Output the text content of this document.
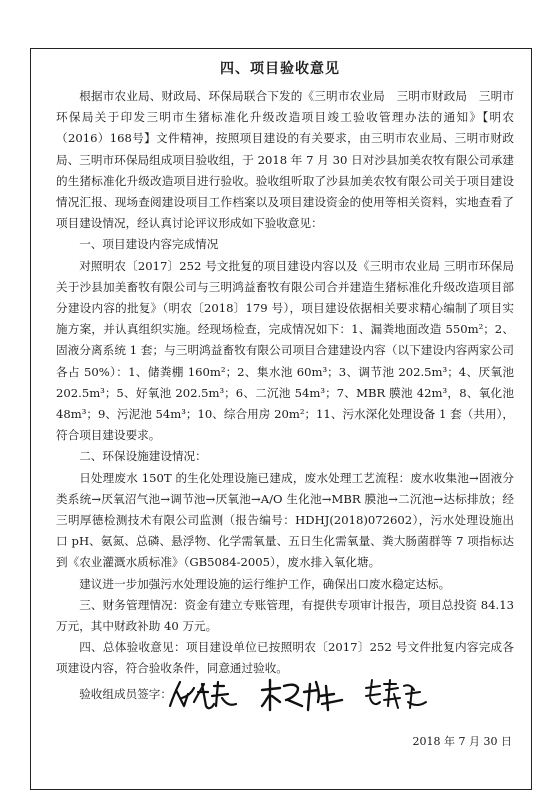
四、项目验收意见

根据市农业局、财政局、环保局联合下发的《三明市农业局　三明市财政局　三明市环保局关于印发三明市生猪标准化升级改造项目竣工验收管理办法的通知》【明农（2016）168号】文件精神，按照项目建设的有关要求，由三明市农业局、三明市财政局、三明市环保局组成项目验收组，于 2018 年 7 月 30 日对沙县加美农牧有限公司承建的生猪标准化升级改造项目进行验收。验收组听取了沙县加美农牧有限公司关于项目建设情况汇报、现场查阅建设项目工作档案以及项目建设资金的使用等相关资料，实地查看了项目建设情况，经认真讨论评议形成如下验收意见：

一、项目建设内容完成情况

对照明农〔2017〕252 号文批复的项目建设内容以及《三明市农业局 三明市环保局关于沙县加美畜牧有限公司与三明鸿益畜牧有限公司合并建造生猪标准化升级改造项目部分建设内容的批复》（明农〔2018〕179 号），项目建设依据相关要求精心编制了项目实施方案，并认真组织实施。经现场检查，完成情况如下：1、漏粪地面改造 550m²；2、固液分离系统 1 套；与三明鸿益畜牧有限公司项目合建建设内容（以下建设内容两家公司各占 50%）：1、储粪棚 160m²；2、集水池 60m³；3、调节池 202.5m³；4、厌氧池 202.5m³；5、好氧池 202.5m³；6、二沉池 54m³；7、MBR 膜池 42m³，8、氧化池 48m³；9、污泥池 54m³；10、综合用房 20m²；11、污水深化处理设备 1 套（共用），符合项目建设要求。

二、环保设施建设情况：

日处理废水 150T 的生化处理设施已建成，废水处理工艺流程：废水收集池→固液分类系统→厌氧沼气池→调节池→厌氧池→A/O 生化池→MBR 膜池→二沉池→达标排放；经三明厚德检测技术有限公司监测（报告编号：HDHJ(2018)072602），污水处理设施出口 pH、氨氮、总磷、悬浮物、化学需氧量、五日生化需氧量、粪大肠菌群等 7 项指标达到《农业灌溉水质标准》（GB5084-2005），废水排入氧化塘。

建议进一步加强污水处理设施的运行维护工作，确保出口废水稳定达标。

三、财务管理情况：资金有建立专账管理，有提供专项审计报告，项目总投资 84.13 万元，其中财政补助 40 万元。

四、总体验收意见：项目建设单位已按照明农〔2017〕252 号文件批复内容完成各项建设内容，符合验收条件，同意通过验收。

验收组成员签字：
2018 年 7 月 30 日
